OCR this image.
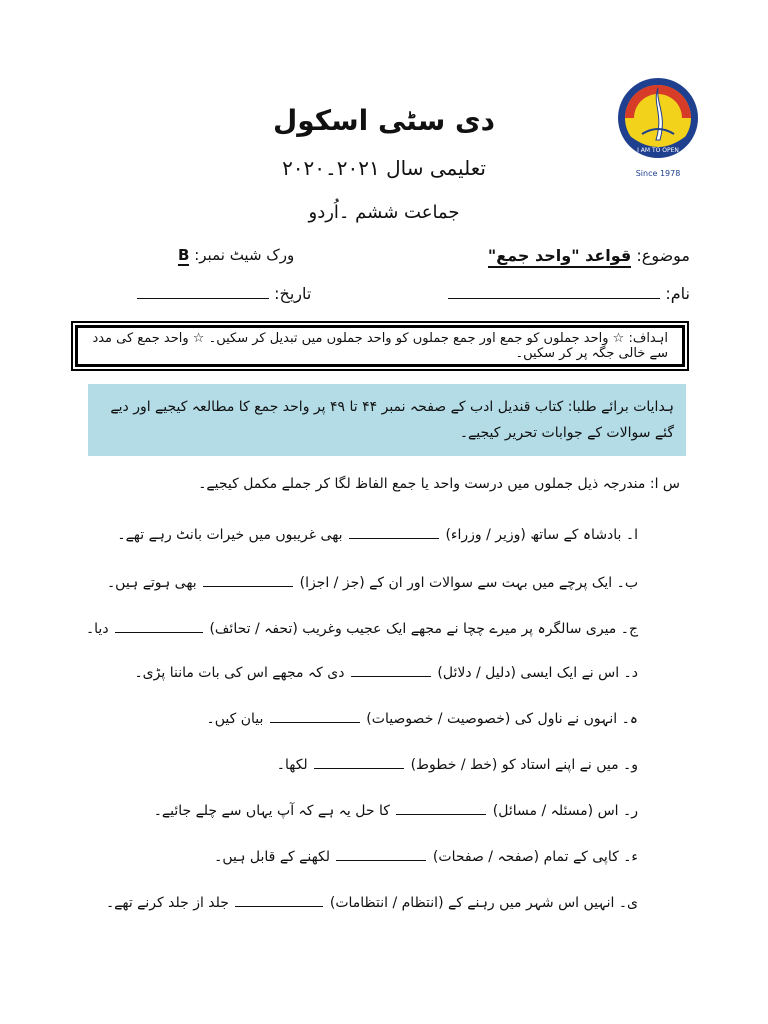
دی سٹی اسکول
تعلیمی سال ۲۰۲۱۔۲۰۲۰
جماعت ششم ۔اُردو
I AM TO OPEN
Since 1978
موضوع: قواعد "واحد جمع"
ورک شیٹ نمبر: B
نام:
تاریخ:
اہداف: ☆ واحد جملوں کو جمع اور جمع جملوں کو واحد جملوں میں تبدیل کر سکیں۔ ☆ واحد جمع کی مدد سے خالی جگہ پر کر سکیں۔
ہدایات برائے طلبا: کتاب قندیل ادب کے صفحہ نمبر ۴۴ تا ۴۹ پر واحد جمع کا مطالعہ کیجیے اور دیے گئے سوالات کے جوابات تحریر کیجیے۔
س ا: مندرجہ ذیل جملوں میں درست واحد یا جمع الفاظ لگا کر جملے مکمل کیجیے۔
ا۔ بادشاہ کے ساتھ (وزیر / وزراء)  بھی غریبوں میں خیرات بانٹ رہے تھے۔
ب۔ ایک پرچے میں بہت سے سوالات اور ان کے (جز / اجزا)  بھی ہوتے ہیں۔
ج۔ میری سالگرہ پر میرے چچا نے مجھے ایک عجیب وغریب (تحفہ / تحائف)  دیا۔
د۔ اس نے ایک ایسی (دلیل / دلائل)  دی کہ مجھے اس کی بات ماننا پڑی۔
ہ۔ انہوں نے ناول کی (خصوصیت / خصوصیات)  بیان کیں۔
و۔ میں نے اپنے استاد کو (خط / خطوط)  لکھا۔
ر۔ اس (مسئلہ / مسائل)  کا حل یہ ہے کہ آپ یہاں سے چلے جائیے۔
ء۔ کاپی کے تمام (صفحہ / صفحات)  لکھنے کے قابل ہیں۔
ی۔ انہیں اس شہر میں رہنے کے (انتظام / انتظامات)  جلد از جلد کرنے تھے۔
